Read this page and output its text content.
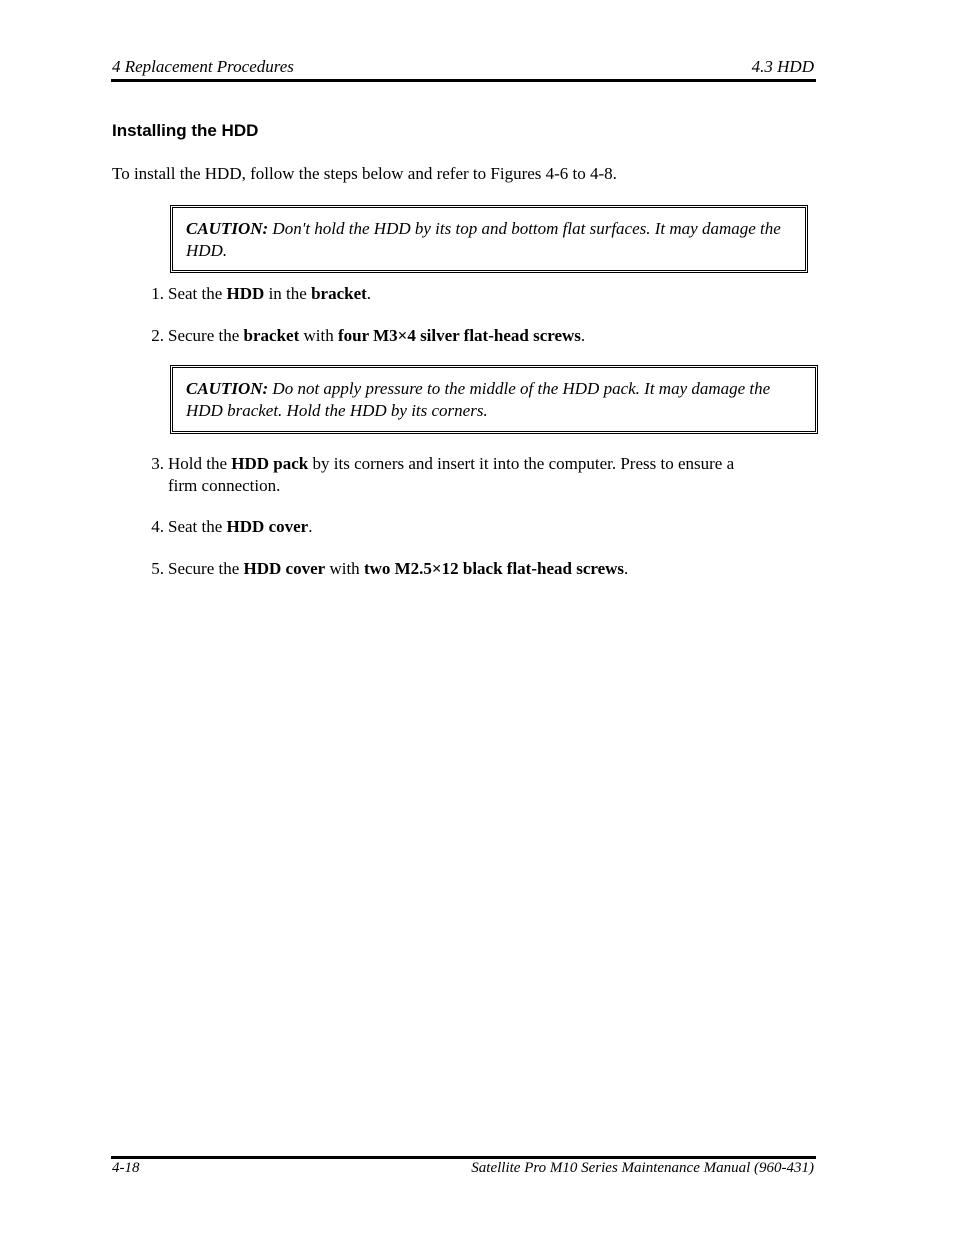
4 Replacement Procedures	4.3 HDD
Installing the HDD
To install the HDD, follow the steps below and refer to Figures 4-6 to 4-8.
CAUTION: Don't hold the HDD by its top and bottom flat surfaces. It may damage the HDD.
1. Seat the HDD in the bracket.
2. Secure the bracket with four M3×4 silver flat-head screws.
CAUTION: Do not apply pressure to the middle of the HDD pack. It may damage the HDD bracket. Hold the HDD by its corners.
3. Hold the HDD pack by its corners and insert it into the computer. Press to ensure a
firm connection.
4. Seat the HDD cover.
5. Secure the HDD cover with two M2.5×12 black flat-head screws.
4-18	Satellite Pro M10 Series Maintenance Manual (960-431)
